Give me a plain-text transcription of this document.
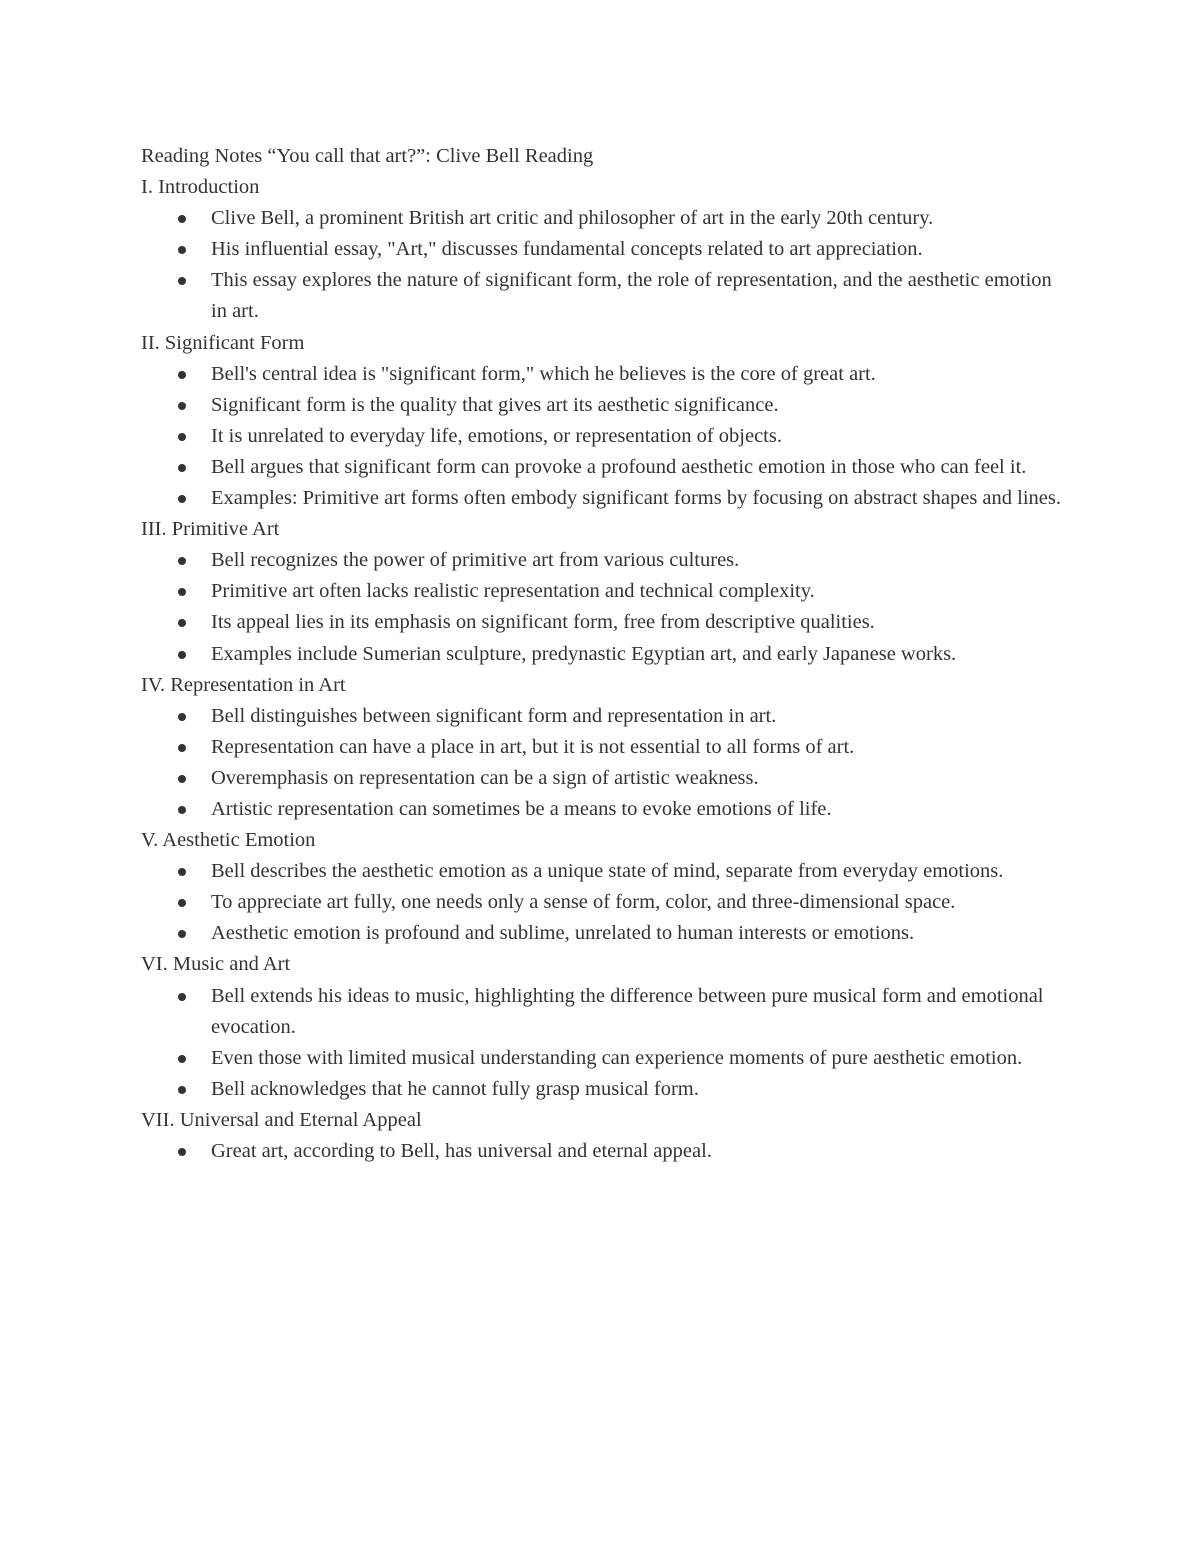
Reading Notes “You call that art?”: Clive Bell Reading
I. Introduction
Clive Bell, a prominent British art critic and philosopher of art in the early 20th century.
His influential essay, "Art," discusses fundamental concepts related to art appreciation.
This essay explores the nature of significant form, the role of representation, and the aesthetic emotion in art.
II. Significant Form
Bell's central idea is "significant form," which he believes is the core of great art.
Significant form is the quality that gives art its aesthetic significance.
It is unrelated to everyday life, emotions, or representation of objects.
Bell argues that significant form can provoke a profound aesthetic emotion in those who can feel it.
Examples: Primitive art forms often embody significant forms by focusing on abstract shapes and lines.
III. Primitive Art
Bell recognizes the power of primitive art from various cultures.
Primitive art often lacks realistic representation and technical complexity.
Its appeal lies in its emphasis on significant form, free from descriptive qualities.
Examples include Sumerian sculpture, predynastic Egyptian art, and early Japanese works.
IV. Representation in Art
Bell distinguishes between significant form and representation in art.
Representation can have a place in art, but it is not essential to all forms of art.
Overemphasis on representation can be a sign of artistic weakness.
Artistic representation can sometimes be a means to evoke emotions of life.
V. Aesthetic Emotion
Bell describes the aesthetic emotion as a unique state of mind, separate from everyday emotions.
To appreciate art fully, one needs only a sense of form, color, and three-dimensional space.
Aesthetic emotion is profound and sublime, unrelated to human interests or emotions.
VI. Music and Art
Bell extends his ideas to music, highlighting the difference between pure musical form and emotional evocation.
Even those with limited musical understanding can experience moments of pure aesthetic emotion.
Bell acknowledges that he cannot fully grasp musical form.
VII. Universal and Eternal Appeal
Great art, according to Bell, has universal and eternal appeal.
